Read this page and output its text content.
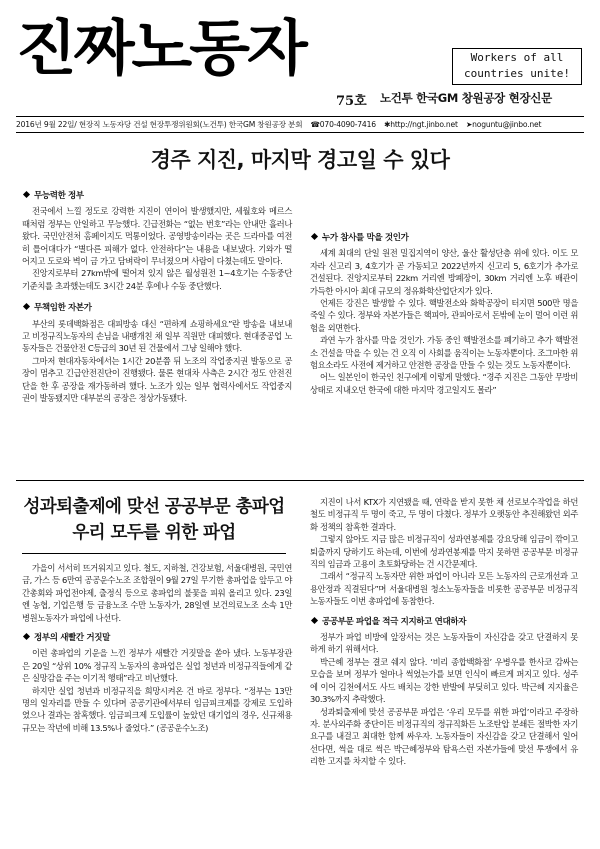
진짜노동자	Workers of all
countries unite!
75호 노건투 한국GM 창원공장 현장신문
2016년 9월 22일/ 현장직 노동자당 건설 현장투쟁위원회(노건투) 한국GM 창원공장 분회 ☎070-4090-7416 ✱http://ngt.jinbo.net ➤noguntu@jinbo.net
경주 지진, 마지막 경고일 수 있다
무능력한 정부

전국에서 느낄 정도로 강력한 지진이 연이어 발생했지만, 세월호와 메르스 때처럼 정부는 안일하고 무능했다. 긴급전화는 “없는 번호”라는 안내만 흘러나왔다. 국민안전처 홈페이지도 먹통이었다. 공영방송이라는 곳은 드라마를 여전히 틀어대다가 “별다른 피해가 없다. 안전하다”는 내용을 내보냈다. 기와가 떨어지고 도로와 벽이 금 가고 담벼락이 무너졌으며 사람이 다쳤는데도 말이다.

진앙지로부터 27km밖에 떨어져 있지 않은 월성원전 1~4호기는 수동중단 기준치를 초과했는데도 3시간 24분 후에나 수동 중단했다.

무책임한 자본가

부산의 롯데백화점은 대피방송 대신 “편하게 쇼핑하세요”란 방송을 내보내고 비정규직노동자의 손님을 내팽개친 채 일부 직원만 대피했다. 현대중공업 노동자들은 건물안전 C등급의 30년 된 건물에서 그냥 일해야 했다.

그마저 현대자동차에서는 1시간 20분쯤 뒤 노조의 작업중지권 발동으로 공장이 멈추고 긴급안전진단이 진행됐다. 물론 현대차 사측은 2시간 정도 안전진단을 한 후 공장을 재가동하려 했다. 노조가 있는 일부 협력사에서도 작업중지권이 발동됐지만 대부분의 공장은 정상가동됐다.

누가 참사를 막을 것인가

세계 최대의 단일 원전 밀집지역이 양산, 울산 활성단층 위에 있다. 이도 모자라 신고리 3, 4호기가 곧 가동되고 2022년까지 신고리 5, 6호기가 추가로 건설된다. 진앙지로부터 22km 거리엔 방폐장이, 30km 거리엔 노후 배관이 가득한 아시아 최대 규모의 정유화학산업단지가 있다.

언제든 강진은 발생할 수 있다. 핵발전소와 화학공장이 터지면 500만 명을 죽일 수 있다. 정부와 자본가들은 핵피아, 관피아로서 돈밖에 눈이 멀어 이런 위험을 외면한다.

과연 누가 참사를 막을 것인가. 가동 중인 핵발전소를 폐기하고 추가 핵발전소 건설을 막을 수 있는 건 오직 이 사회를 움직이는 노동자뿐이다. 조그마한 위험요소라도 사전에 제거하고 안전한 공장을 만들 수 있는 것도 노동자뿐이다.

어느 일본인이 한국인 친구에게 이렇게 말했다. “경주 지진은 그동안 무방비 상태로 지내오던 한국에 대한 마지막 경고일지도 몰라”

성과퇴출제에 맞선 공공부문 총파업
우리 모두를 위한 파업

가을이 서서히 뜨거워지고 있다. 철도, 지하철, 건강보험, 서울대병원, 국민연금, 가스 등 6만여 공공운수노조 조합원이 9월 27일 무기한 총파업을 앞두고 야간총회와 파업전야제, 출정식 등으로 총파업의 불꽃을 피워 올리고 있다. 23일엔 농협, 기업은행 등 금융노조 수만 노동자가, 28일엔 보건의료노조 소속 1만 병원노동자가 파업에 나선다.

정부의 새빨간 거짓말

이런 총파업의 기운을 느낀 정부가 새빨간 거짓말을 쏟아 냈다. 노동부장관은 20일 “상위 10% 정규직 노동자의 총파업은 실업 청년과 비정규직들에게 같은 실망감을 주는 이기적 행태”라고 비난했다.

하지만 실업 청년과 비정규직을 희망시켜온 건 바로 정부다. “정부는 13만 명의 일자리를 만들 수 있다며 공공기관에서부터 임금피크제를 강제로 도입하였으나 결과는 참혹했다. 임금피크제 도입률이 높았던 대기업의 경우, 신규채용 규모는 작년에 비해 13.5%나 줄었다.” (공공운수노조)

지진이 나서 KTX가 지연됐을 때, 연락을 받지 못한 채 선로보수작업을 하던 철도 비정규직 두 명이 죽고, 두 명이 다쳤다. 정부가 오랫동안 추진해왔던 외주화 정책의 참혹한 결과다.

그렇지 않아도 지금 많은 비정규직이 성과연봉제를 강요당해 임금이 깎이고 퇴출까지 당하기도 하는데, 이번에 성과연봉제를 막지 못하면 공공부문 비정규직의 임금과 고용이 초토화당하는 건 시간문제다.

그래서 “정규직 노동자만 위한 파업이 아니라 모든 노동자의 근로개선과 고용안정과 직결된다”며 서울대병원 청소노동자들을 비롯한 공공부문 비정규직 노동자들도 이번 총파업에 동참한다.

공공부문 파업을 적극 지지하고 연대하자

정부가 파업 비방에 앞장서는 것은 노동자들이 자신감을 갖고 단결하지 못하게 하기 위해서다.

박근혜 정부는 결코 쉐지 않다. ‘비리 종합백화점’ 우병우를 한사코 감싸는 모습을 보며 정부가 얼마나 썩었는가를 보면 인식이 빠르게 퍼지고 있다. 성주에 이어 김천에서도 사드 배치는 강한 반발에 부딪히고 있다. 박근혜 지지율은 30.3%까지 추락했다.

성과퇴출제에 맞선 공공부문 파업은 ‘우리 모두를 위한 파업’이라고 주장하자. 분사외주화 중단이든 비정규직의 정규직화든 노조탄압 분쇄든 절박한 자기 요구를 내걸고 최대한 함께 싸우자. 노동자들이 자신감을 갖고 단결해서 일어선다면, 썩을 대로 썩은 박근혜정부와 탐욕스런 자본가들에 맞선 투쟁에서 유리한 고지를 차지할 수 있다.
